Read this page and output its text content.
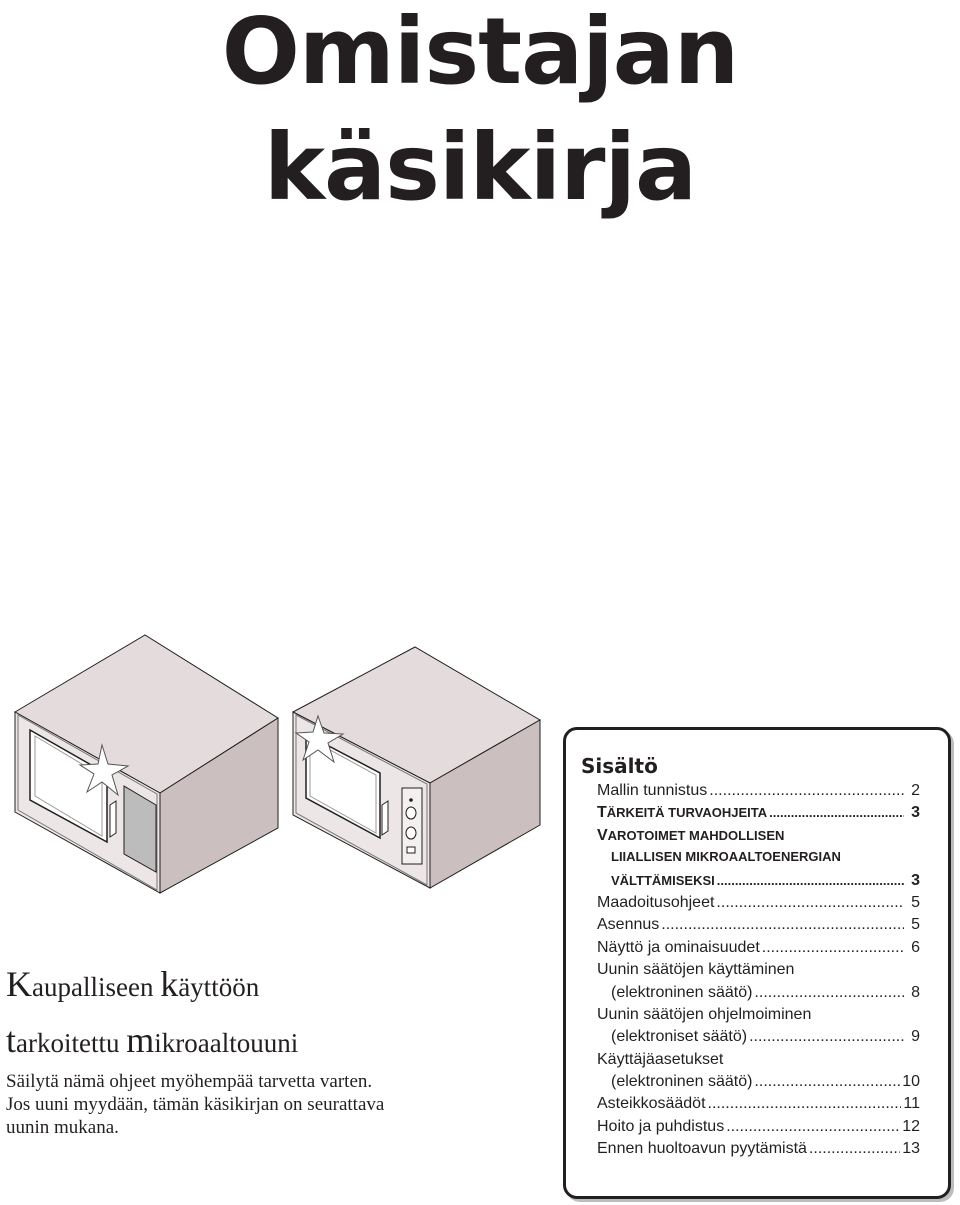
Omistajan
käsikirja

Kaupalliseen käyttöön

tarkoitettu mikroaaltouuni

Säilytä nämä ohjeet myöhempää tarvetta varten.
Jos uuni myydään, tämän käsikirjan on seurattava
uunin mukana.

Sisältö
Mallin tunnistus .....	2
T ÄRKEITÄ TURVAOHJEITA .....	3
V AROTOIMET MAHDOLLISEN
LIIALLISEN MIKROAALTOENERGIAN
VÄLTTÄMISEKSI .....	3
Maadoitusohjeet .....	5
Asennus .....	5
Näyttö ja ominaisuudet .....	6
Uunin säätöjen käyttäminen
(elektroninen säätö) .....	8
Uunin säätöjen ohjelmoiminen
(elektroniset säätö) .....	9
Käyttäjäasetukset
(elektroninen säätö) .....	10
Asteikkosäädöt .....	11
Hoito ja puhdistus .....	12
Ennen huoltoavun pyytämistä .....	13
